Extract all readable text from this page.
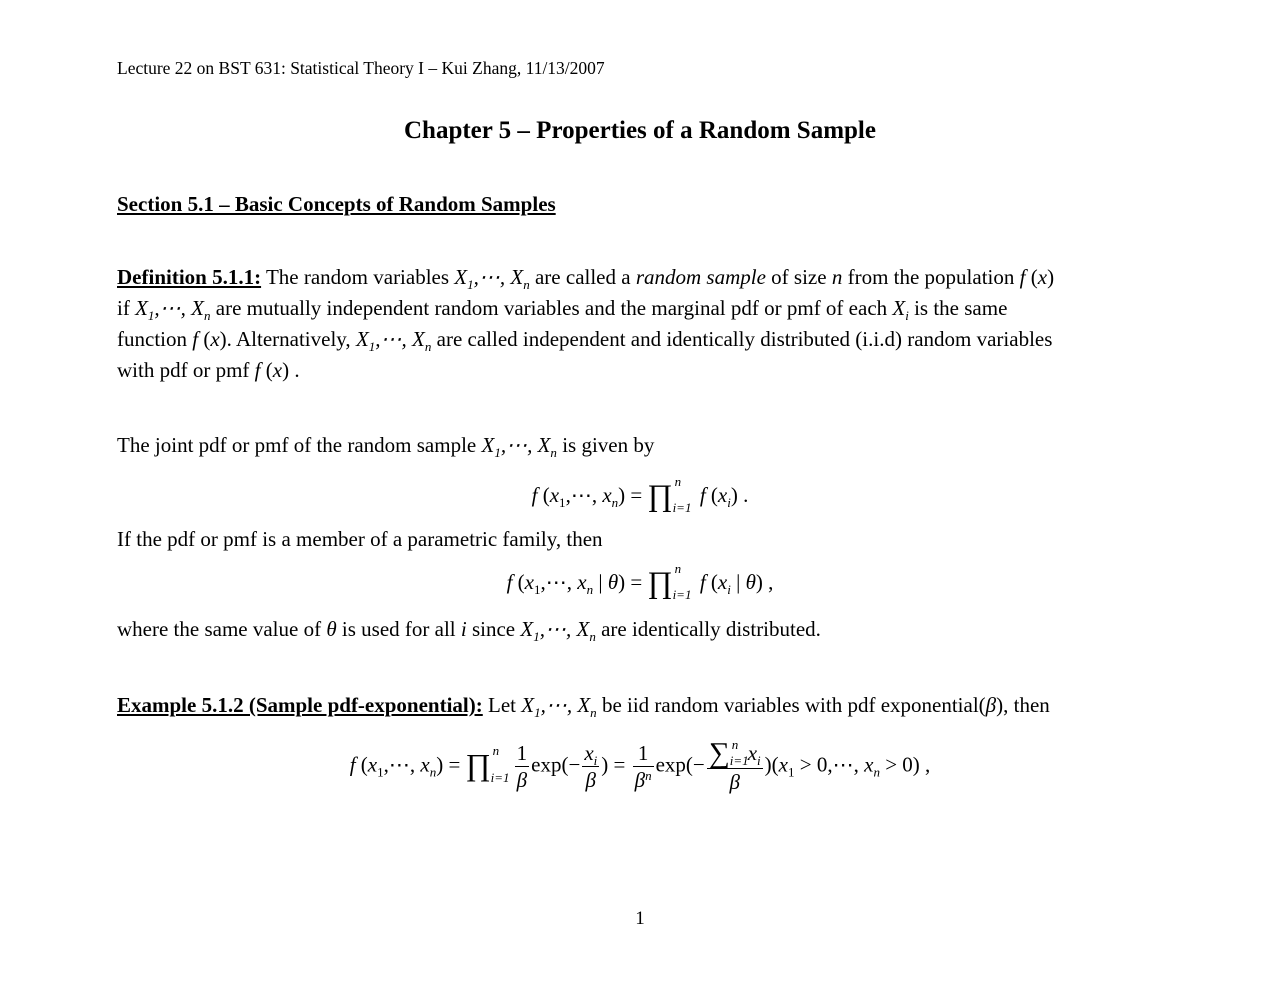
Lecture 22 on BST 631: Statistical Theory I – Kui Zhang, 11/13/2007
Chapter 5 – Properties of a Random Sample
Section 5.1 – Basic Concepts of Random Samples
Definition 5.1.1: The random variables $X_1,\cdots$, $X_n$ are called a random sample of size n from the population f (x)
if $X_1,\cdots$, $X_n$ are mutually independent random variables and the marginal pdf or pmf of each $X_i$ is the same
function f (x). Alternatively, $X_1,\cdots$, $X_n$ are called independent and identically distributed (i.i.d) random variables
with pdf or pmf f (x) .
The joint pdf or pmf of the random sample $X_1,\cdots$, $X_n$ is given by
f ($x_1,\cdots$, $x_n$) = ∏ n
i=1
f $(x_i)$ .
If the pdf or pmf is a member of a parametric family, then
f ($x_1,\cdots$, $x_n$ | θ) = ∏ n
i=1
f ($x_i$ | θ) ,
where the same value of θ is used for all i since $X_1,\cdots$, $X_n$ are identically distributed.
Example 5.1.2 (Sample pdf-exponential): Let $X_1,\cdots$, $X_n$ be iid random variables with pdf exponential(β), then
f ($x_1,\cdots$, $x_n$) = ∏ n
$i=1 \frac{1}{\beta} \exp(- \frac{x_i}{\beta}$ ) = $\frac{1}{\beta^n} \exp(-$ ∑ n
i=1 $x_i$
β )($x_1$ > 0,⋯, $x_n > 0$) ,
1
